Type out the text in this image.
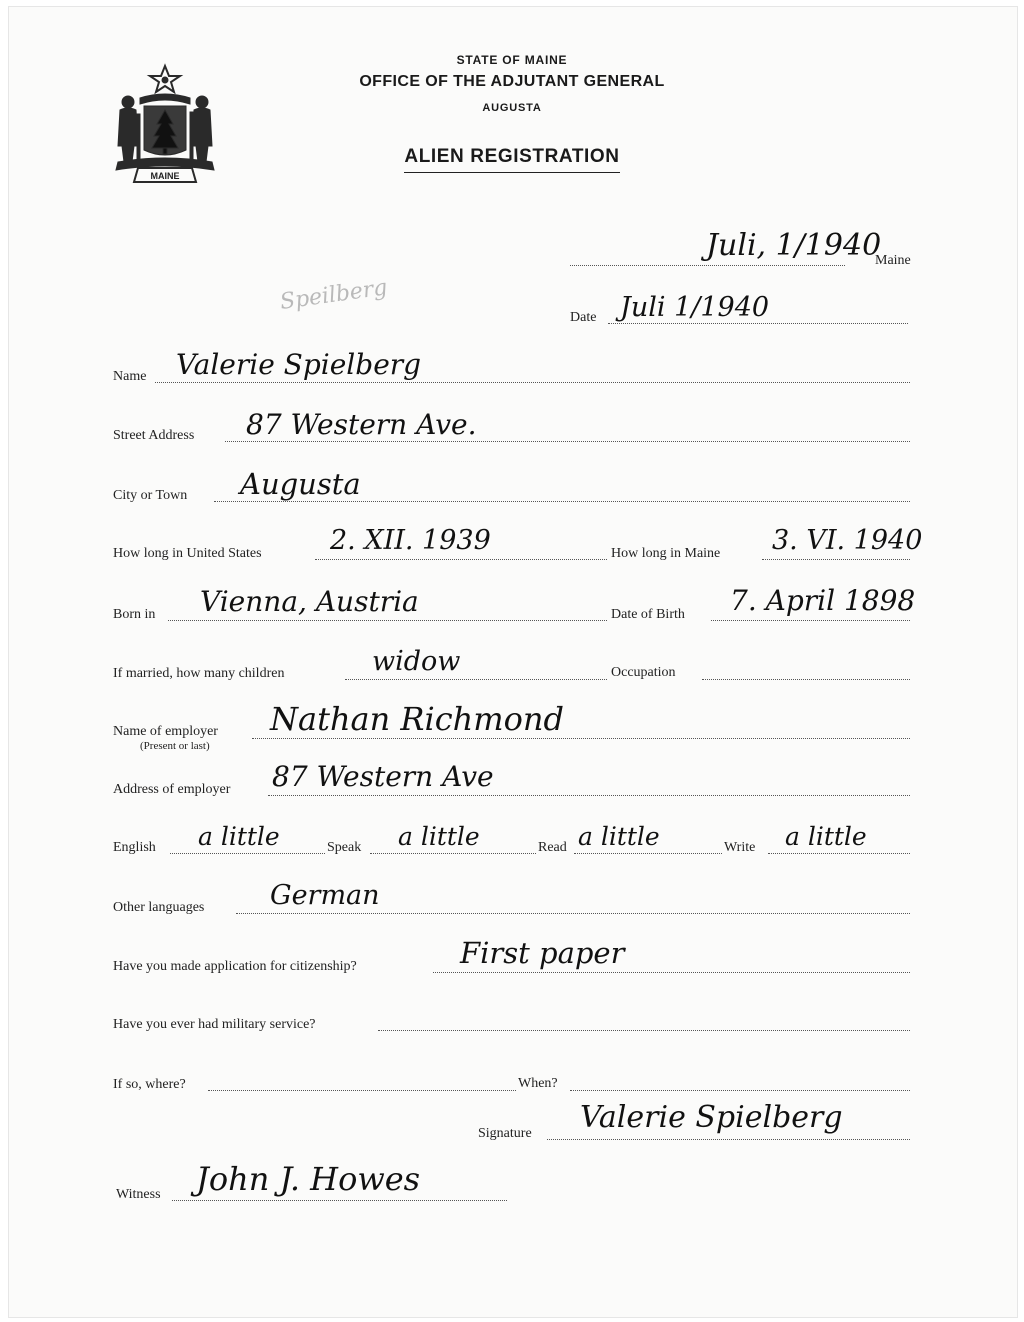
MAINE
STATE OF MAINE
OFFICE OF THE ADJUTANT GENERAL
AUGUSTA
ALIEN REGISTRATION
Juli, 1/1940
Maine
Speilberg
Date Juli 1/1940
Name Valerie Spielberg
Street Address 87 Western Ave.
City or Town Augusta
How long in United States	2. XII. 1939	How long in Maine 3. VI. 1940
Born in Vienna, Austria	Date of Birth 7. April 1898
If married, how many children	widow	Occupation
Name of employer
(Present or last)
Nathan Richmond
Address of employer 87 Western Ave
English a little	Speak a little	Read a little	Write a little
Other languages German
Have you made application for citizenship?	First paper
Have you ever had military service?
If so, where?	When?
Signature Valerie Spielberg
Witness John J. Howes
